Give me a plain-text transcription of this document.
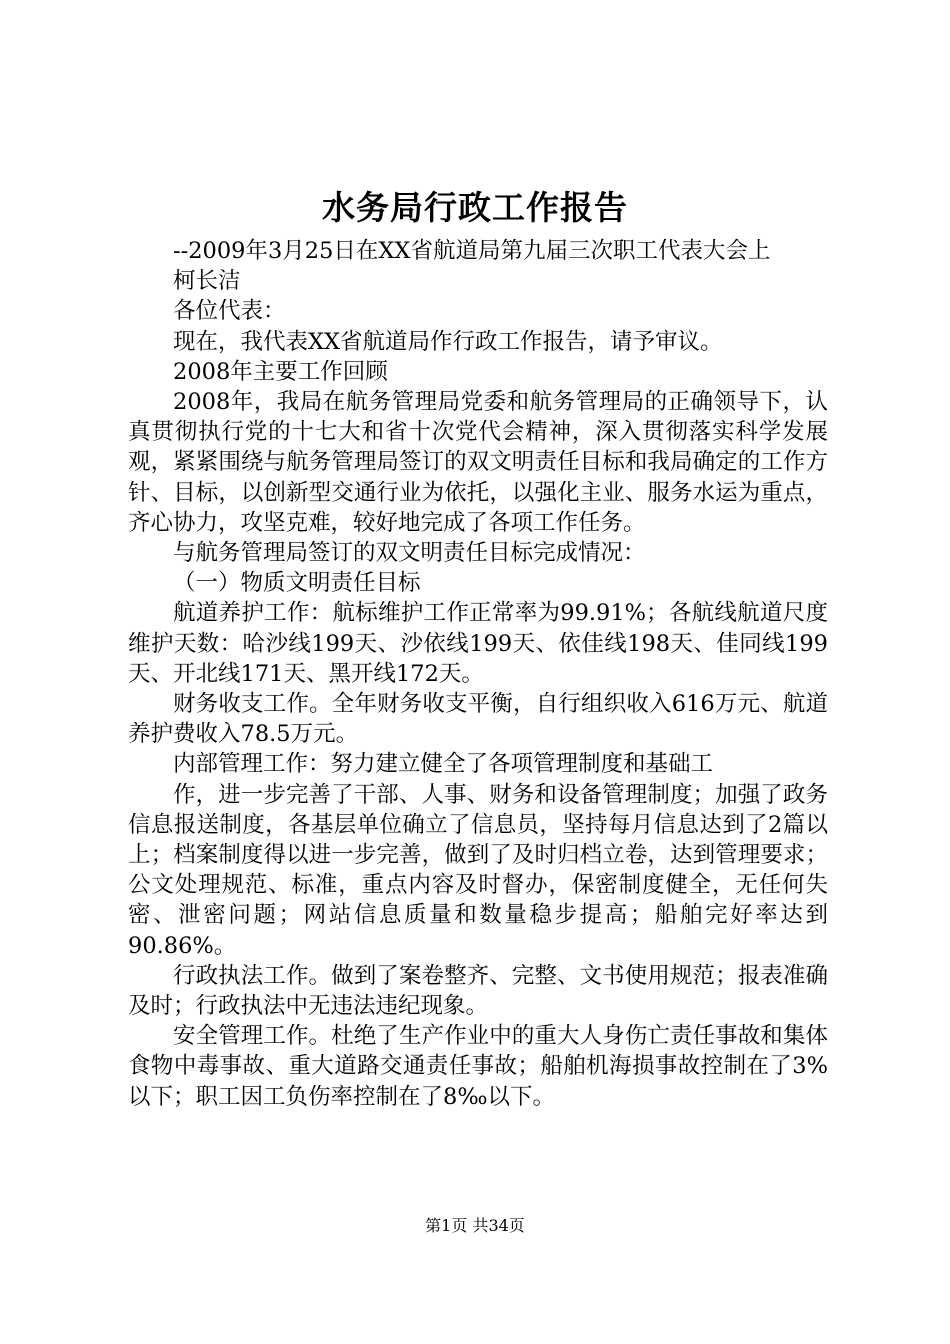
水务局行政工作报告

--2009年3月25日在XX省航道局第九届三次职工代表大会上

柯长洁

各位代表：

现在，我代表XX省航道局作行政工作报告，请予审议。

2008年主要工作回顾

2008年，我局在航务管理局党委和航务管理局的正确领导下，认真贯彻执行党的十七大和省十次党代会精神，深入贯彻落实科学发展观，紧紧围绕与航务管理局签订的双文明责任目标和我局确定的工作方针、目标，以创新型交通行业为依托，以强化主业、服务水运为重点，齐心协力，攻坚克难，较好地完成了各项工作任务。

与航务管理局签订的双文明责任目标完成情况：

（一）物质文明责任目标

航道养护工作：航标维护工作正常率为99.91%；各航线航道尺度维护天数：哈沙线199天、沙依线199天、依佳线198天、佳同线199天、开北线171天、黑开线172天。

财务收支工作。全年财务收支平衡，自行组织收入616万元、航道养护费收入78.5万元。

内部管理工作：努力建立健全了各项管理制度和基础工

作，进一步完善了干部、人事、财务和设备管理制度；加强了政务信息报送制度，各基层单位确立了信息员，坚持每月信息达到了2篇以上；档案制度得以进一步完善，做到了及时归档立卷，达到管理要求；公文处理规范、标准，重点内容及时督办，保密制度健全，无任何失密、泄密问题；网站信息质量和数量稳步提高；船舶完好率达到90.86%。

行政执法工作。做到了案卷整齐、完整、文书使用规范；报表准确及时；行政执法中无违法违纪现象。

安全管理工作。杜绝了生产作业中的重大人身伤亡责任事故和集体食物中毒事故、重大道路交通责任事故；船舶机海损事故控制在了3%以下；职工因工负伤率控制在了8‰以下。

第1页 共34页
